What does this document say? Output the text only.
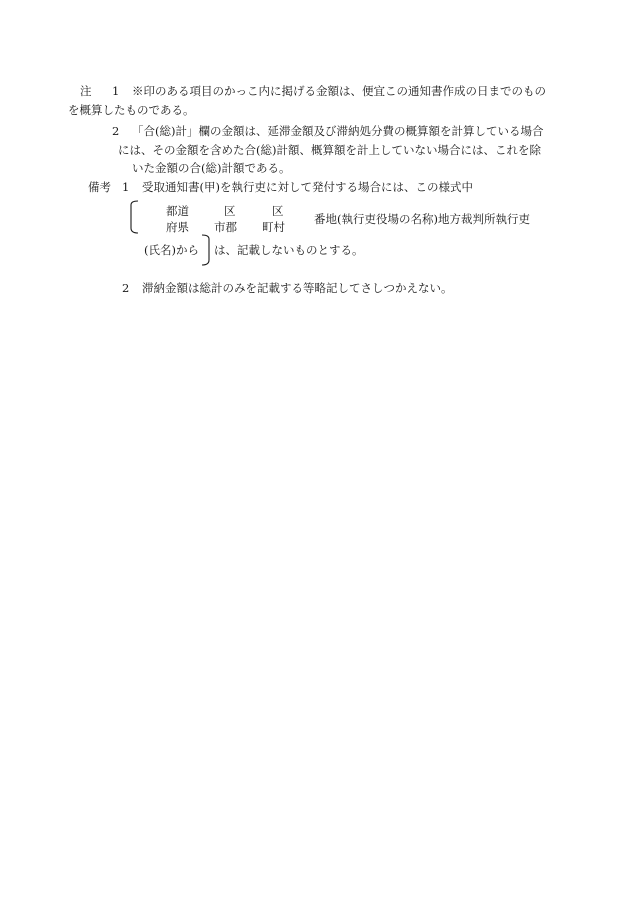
注 1 ※印のある項目のかっこ内に掲げる金額は、便宜この通知書作成の日までのもの
を概算したものである。
2 「合(総)計」欄の金額は、延滞金額及び滞納処分費の概算額を計算している場合
には、その金額を含めた合(総)計額、概算額を計上していない場合には、これを除
いた金額の合(総)計額である。
備考 1 受取通知書(甲)を執行吏に対して発付する場合には、この様式中
都道
府県
区
市郡
区
町村
番地(執行吏役場の名称)地方裁判所執行吏
(氏名)から は、記載しないものとする。
2 滞納金額は総計のみを記載する等略記してさしつかえない。
